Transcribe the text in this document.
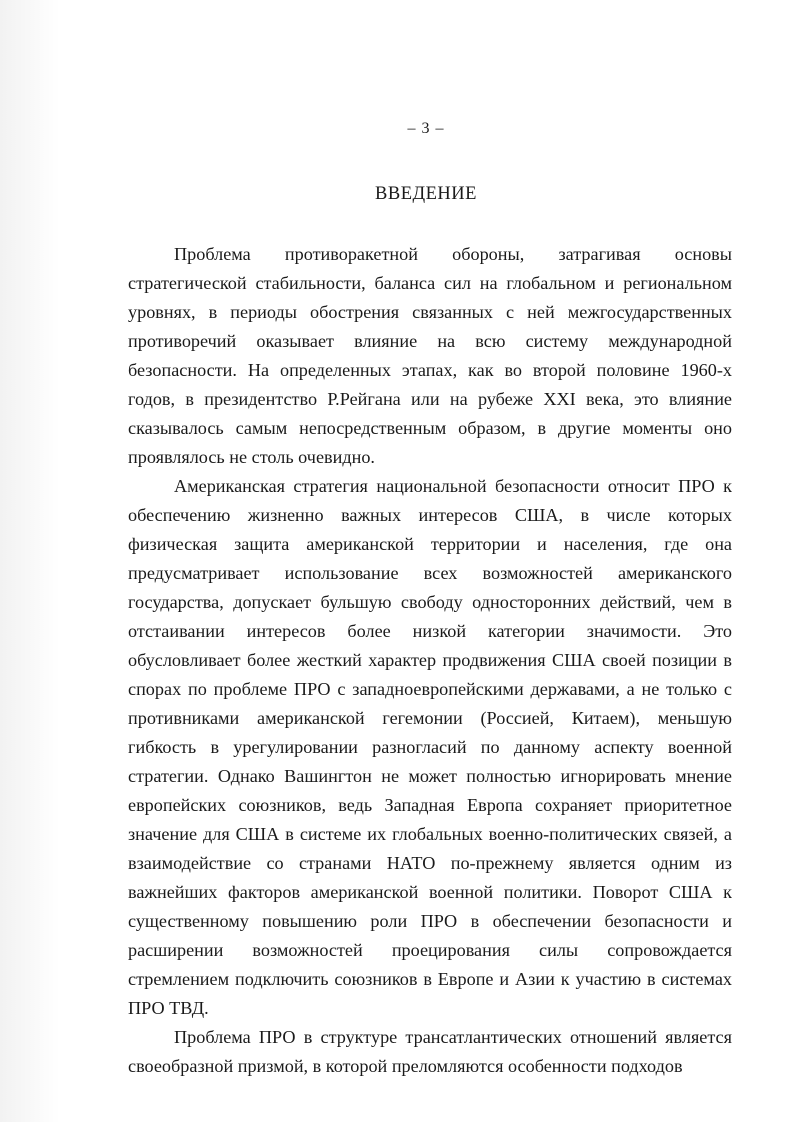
– 3 –
ВВЕДЕНИЕ

Проблема противоракетной обороны, затрагивая основы стратегической стабильности, баланса сил на глобальном и региональном уровнях, в периоды обострения связанных с ней межгосударственных противоречий оказывает влияние на всю систему международной безопасности. На определенных этапах, как во второй половине 1960-х годов, в президентство Р.Рейгана или на рубеже XXI века, это влияние сказывалось самым непосредственным образом, в другие моменты оно проявлялось не столь очевидно.

Американская стратегия национальной безопасности относит ПРО к обеспечению жизненно важных интересов США, в числе которых физическая защита американской территории и населения, где она предусматривает использование всех возможностей американского государства, допускает бульшую свободу односторонних действий, чем в отстаивании интересов более низкой категории значимости. Это обусловливает более жесткий характер продвижения США своей позиции в спорах по проблеме ПРО с западноевропейскими державами, а не только с противниками американской гегемонии (Россией, Китаем), меньшую гибкость в урегулировании разногласий по данному аспекту военной стратегии. Однако Вашингтон не может полностью игнорировать мнение европейских союзников, ведь Западная Европа сохраняет приоритетное значение для США в системе их глобальных военно-политических связей, а взаимодействие со странами НАТО по-прежнему является одним из важнейших факторов американской военной политики. Поворот США к существенному повышению роли ПРО в обеспечении безопасности и расширении возможностей проецирования силы сопровождается стремлением подключить союзников в Европе и Азии к участию в системах ПРО ТВД.

Проблема ПРО в структуре трансатлантических отношений является своеобразной призмой, в которой преломляются особенности подходов
